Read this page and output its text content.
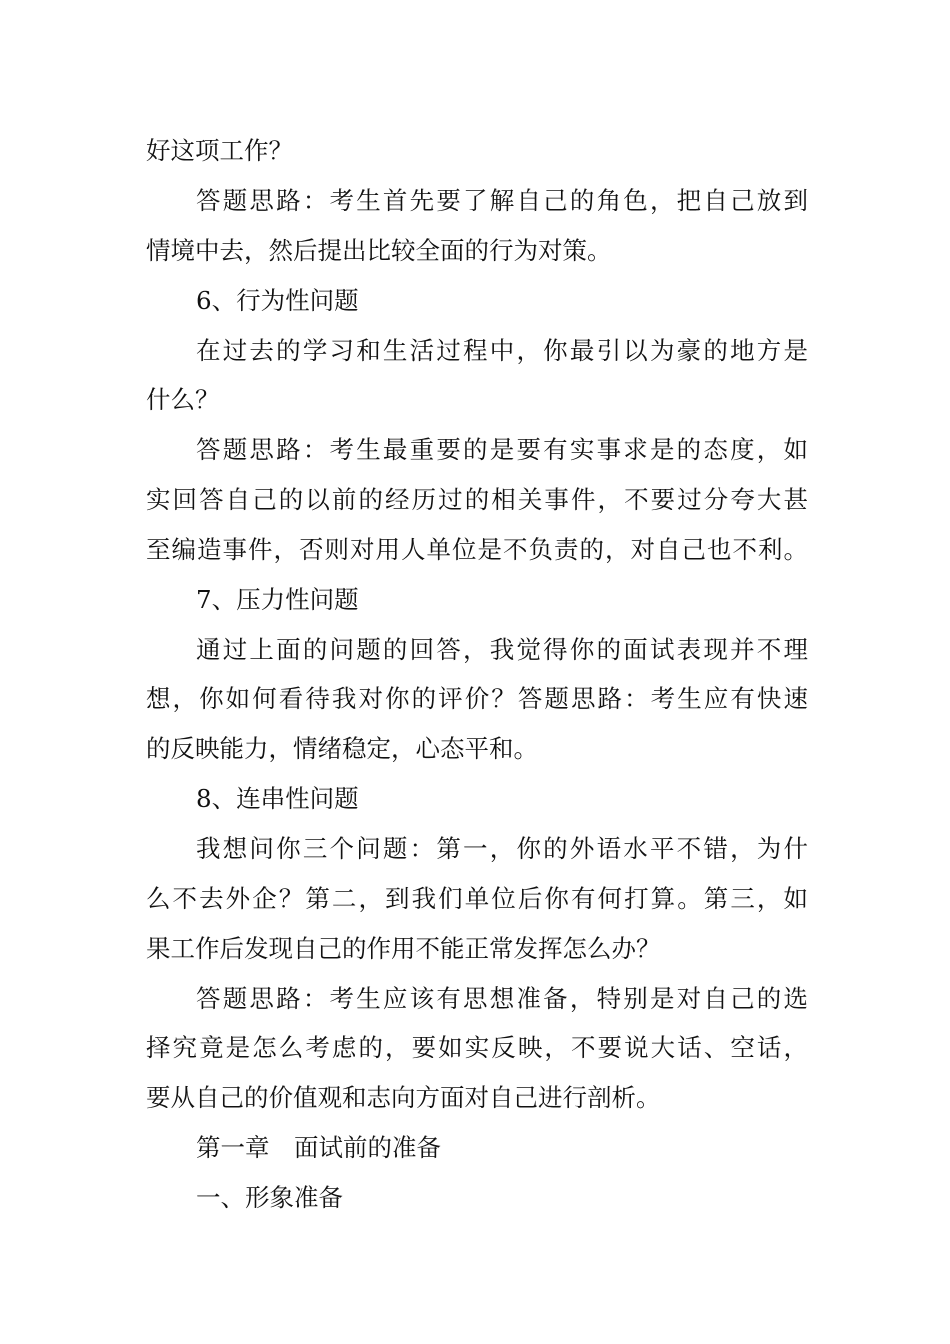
好这项工作？
答题思路：考生首先要了解自己的角色，把自己放到
情境中去，然后提出比较全面的行为对策。
6、行为性问题
在过去的学习和生活过程中，你最引以为豪的地方是
什么？
答题思路：考生最重要的是要有实事求是的态度，如
实回答自己的以前的经历过的相关事件，不要过分夸大甚
至编造事件，否则对用人单位是不负责的，对自己也不利。
7、压力性问题
通过上面的问题的回答，我觉得你的面试表现并不理
想，你如何看待我对你的评价？答题思路：考生应有快速
的反映能力，情绪稳定，心态平和。
8、连串性问题
我想问你三个问题：第一，你的外语水平不错，为什
么不去外企？第二，到我们单位后你有何打算。第三，如
果工作后发现自己的作用不能正常发挥怎么办？
答题思路：考生应该有思想准备，特别是对自己的选
择究竟是怎么考虑的，要如实反映，不要说大话、空话，
要从自己的价值观和志向方面对自己进行剖析。
第一章　面试前的准备
一、形象准备
